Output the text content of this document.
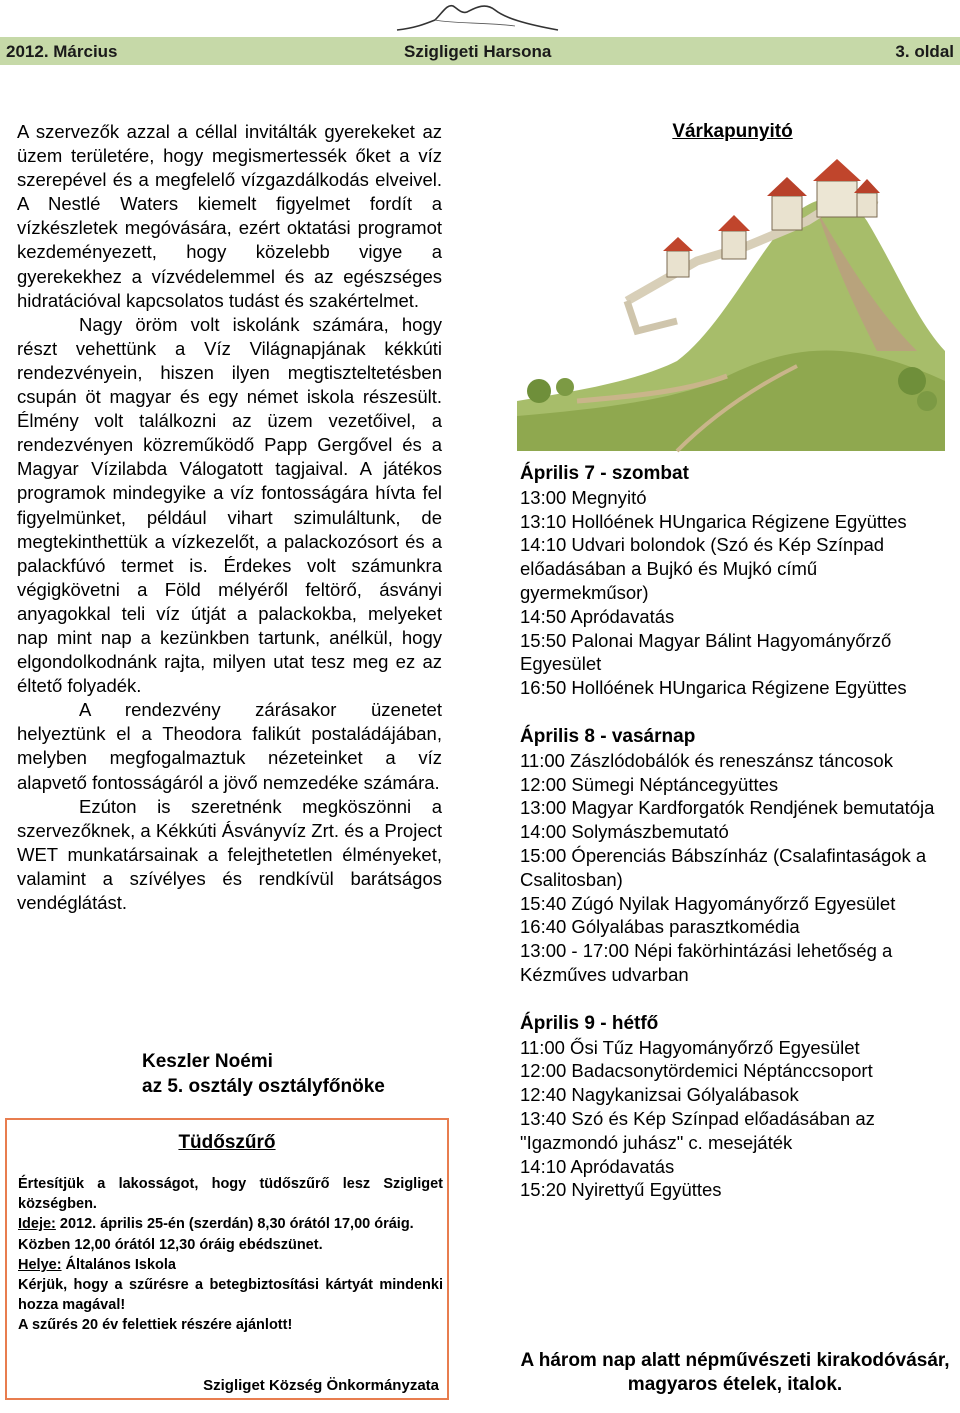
2012. Március	Szigligeti Harsona	3. oldal

A szervezők azzal a céllal invitálták gyerekeket az üzem területére, hogy megismertessék őket a víz szerepével és a megfelelő vízgazdálkodás elveivel. A Nestlé Waters kiemelt figyelmet fordít a vízkészletek megóvására, ezért oktatási programot kezdeményezett, hogy közelebb vigye a gyerekekhez a vízvédelemmel és az egészséges hidratációval kapcsolatos tudást és szakértelmet.

Nagy öröm volt iskolánk számára, hogy részt vehettünk a Víz Világnapjának kékkúti rendezvényein, hiszen ilyen megtiszteltetésben csupán öt magyar és egy német iskola részesült. Élmény volt találkozni az üzem vezetőivel, a rendezvényen közreműködő Papp Gergővel és a Magyar Vízilabda Válogatott tagjaival. A játékos programok mindegyike a víz fontosságára hívta fel figyelmünket, például vihart szimuláltunk, de megtekinthettük a vízkezelőt, a palackozósort és a palackfúvó termet is. Érdekes volt számunkra végigkövetni a Föld mélyéről feltörő, ásványi anyagokkal teli víz útját a palackokba, melyeket nap mint nap a kezünkben tartunk, anélkül, hogy elgondolkodnánk rajta, milyen utat tesz meg ez az éltető folyadék.

A rendezvény zárásakor üzenetet helyeztünk el a Theodora falikút postaládájában, melyben megfogalmaztuk nézeteinket a víz alapvető fontosságáról a jövő nemzedéke számára.

Ezúton is szeretnénk megköszönni a szervezőknek, a Kékkúti Ásványvíz Zrt. és a Project WET munkatársainak a felejthetetlen élményeket, valamint a szívélyes és rendkívül barátságos vendéglátást.

Keszler Noémi
az 5. osztály osztályfőnöke
Tüdőszűrő

Értesítjük a lakosságot, hogy tüdőszűrő lesz Szigliget községben.

Ideje: 2012. április 25-én (szerdán) 8,30 órától 17,00 óráig.

Közben 12,00 órától 12,30 óráig ebédszünet.

Helye: Általános Iskola

Kérjük, hogy a szűrésre a betegbiztosítási kártyát mindenki hozza magával!

A szűrés 20 év felettiek részére ajánlott!

Szigliget Község Önkormányzata
Várkapunyitó
Április 7 - szombat
13:00 Megnyitó
13:10 Hollóének HUngarica Régizene Együttes
14:10 Udvari bolondok (Szó és Kép Színpad előadásában a Bujkó és Mujkó című gyermekműsor)
14:50 Apródavatás
15:50 Palonai Magyar Bálint Hagyományőrző Egyesület
16:50 Hollóének HUngarica Régizene Együttes
Április 8 - vasárnap
11:00 Zászlódobálók és reneszánsz táncosok
12:00 Sümegi Néptáncegyüttes
13:00 Magyar Kardforgatók Rendjének bemutatója
14:00 Solymászbemutató
15:00 Óperenciás Bábszínház (Csalafintaságok a Csalitosban)
15:40 Zúgó Nyilak Hagyományőrző Egyesület
16:40 Gólyalábas parasztkomédia
13:00 - 17:00 Népi fakörhintázási lehetőség a Kézműves udvarban
Április 9 - hétfő
11:00 Ősi Tűz Hagyományőrző Egyesület
12:00 Badacsonytördemici Néptánccsoport
12:40 Nagykanizsai Gólyalábasok
13:40 Szó és Kép Színpad előadásában az "Igazmondó juhász" c. mesejáték
14:10 Apródavatás
15:20 Nyirettyű Együttes
A három nap alatt népművészeti kirakodóvásár, magyaros ételek, italok.
